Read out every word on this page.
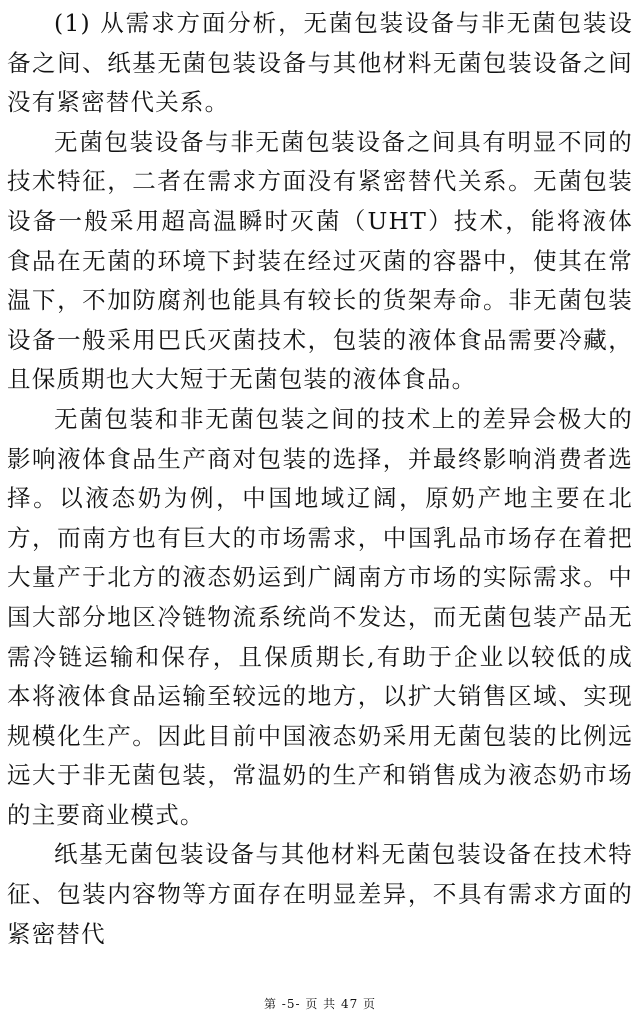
(1) 从需求方面分析，无菌包装设备与非无菌包装设备之间、纸基无菌包装设备与其他材料无菌包装设备之间没有紧密替代关系。

无菌包装设备与非无菌包装设备之间具有明显不同的技术特征，二者在需求方面没有紧密替代关系。无菌包装设备一般采用超高温瞬时灭菌（UHT）技术，能将液体食品在无菌的环境下封装在经过灭菌的容器中，使其在常温下，不加防腐剂也能具有较长的货架寿命。非无菌包装设备一般采用巴氏灭菌技术，包装的液体食品需要冷藏，且保质期也大大短于无菌包装的液体食品。

无菌包装和非无菌包装之间的技术上的差异会极大的影响液体食品生产商对包装的选择，并最终影响消费者选择。以液态奶为例，中国地域辽阔，原奶产地主要在北方，而南方也有巨大的市场需求，中国乳品市场存在着把大量产于北方的液态奶运到广阔南方市场的实际需求。中国大部分地区冷链物流系统尚不发达，而无菌包装产品无需冷链运输和保存，且保质期长,有助于企业以较低的成本将液体食品运输至较远的地方，以扩大销售区域、实现规模化生产。因此目前中国液态奶采用无菌包装的比例远远大于非无菌包装，常温奶的生产和销售成为液态奶市场的主要商业模式。

纸基无菌包装设备与其他材料无菌包装设备在技术特征、包装内容物等方面存在明显差异，不具有需求方面的紧密替代

第 -5- 页 共 47 页
